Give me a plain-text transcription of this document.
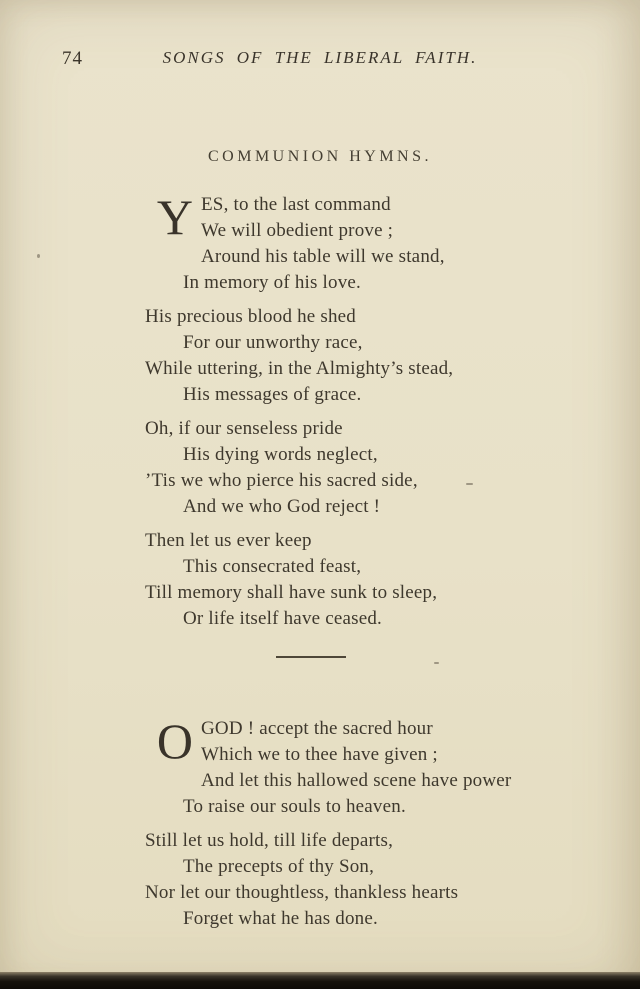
74	SONGS OF THE LIBERAL FAITH.
COMMUNION HYMNS.
Y ES, to the last command
We will obedient prove ;
Around his table will we stand,
In memory of his love.
His precious blood he shed
For our unworthy race,
While uttering, in the Almighty’s stead,
His messages of grace.
Oh, if our senseless pride
His dying words neglect,
’Tis we who pierce his sacred side,
And we who God reject !
Then let us ever keep
This consecrated feast,
Till memory shall have sunk to sleep,
Or life itself have ceased.
O GOD ! accept the sacred hour
Which we to thee have given ;
And let this hallowed scene have power
To raise our souls to heaven.
Still let us hold, till life departs,
The precepts of thy Son,
Nor let our thoughtless, thankless hearts
Forget what he has done.
